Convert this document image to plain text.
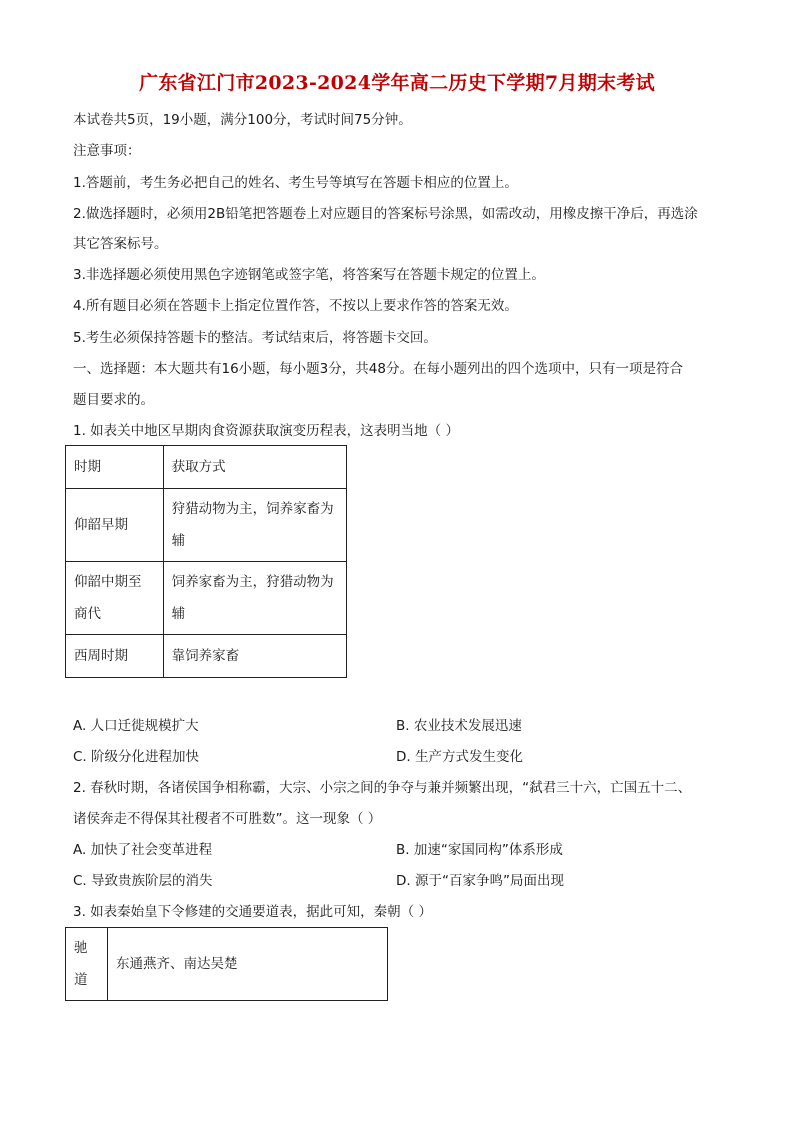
广东省江门市2023-2024学年高二历史下学期7月期末考试
本试卷共5页，19小题，满分100分，考试时间75分钟。
注意事项：
1.答题前，考生务必把自己的姓名、考生号等填写在答题卡相应的位置上。
2.做选择题时，必须用2B铅笔把答题卷上对应题目的答案标号涂黑，如需改动，用橡皮擦干净后，再选涂
其它答案标号。
3.非选择题必须使用黑色字迹钢笔或签字笔，将答案写在答题卡规定的位置上。
4.所有题目必须在答题卡上指定位置作答，不按以上要求作答的答案无效。
5.考生必须保持答题卡的整洁。考试结束后，将答题卡交回。
一、选择题：本大题共有16小题，每小题3分，共48分。在每小题列出的四个选项中，只有一项是符合
题目要求的。
1. 如表关中地区早期肉食资源获取演变历程表，这表明当地（ ）
时期	获取方式
仰韶早期	狩猎动物为主，饲养家畜为
辅
仰韶中期至
商代	饲养家畜为主，狩猎动物为
辅
西周时期	靠饲养家畜
A. 人口迁徙规模扩大	B. 农业技术发展迅速
C. 阶级分化进程加快	D. 生产方式发生变化
2. 春秋时期，各诸侯国争相称霸，大宗、小宗之间的争夺与兼并频繁出现，“弑君三十六，亡国五十二、
诸侯奔走不得保其社稷者不可胜数”。这一现象（ ）
A. 加快了社会变革进程	B. 加速“家国同构”体系形成
C. 导致贵族阶层的消失	D. 源于“百家争鸣”局面出现
3. 如表秦始皇下令修建的交通要道表，据此可知，秦朝（ ）
驰
道	东通燕齐、南达吴楚
